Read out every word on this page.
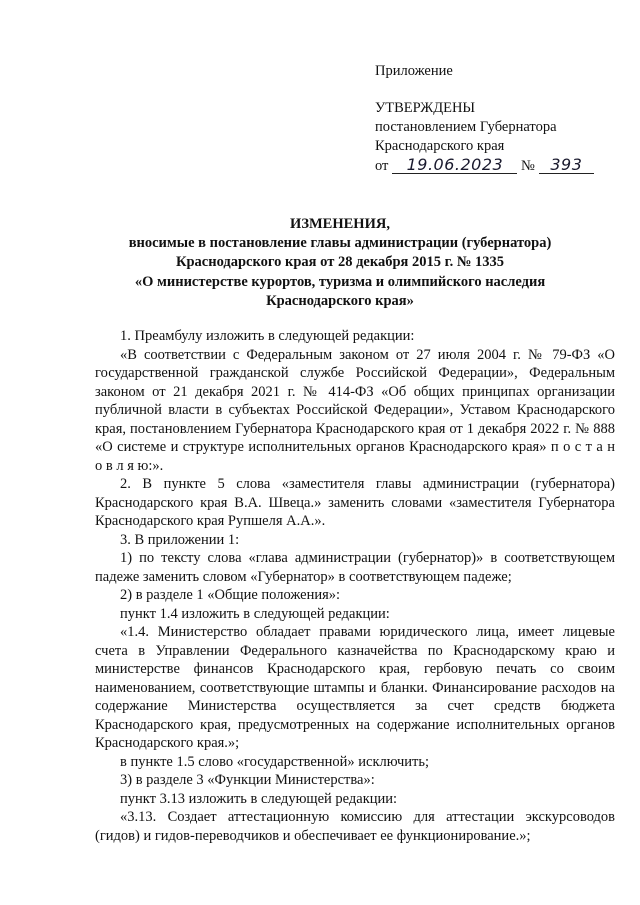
Приложение
УТВЕРЖДЕНЫ
постановлением Губернатора
Краснодарского края
от 19.06.2023 № 393
ИЗМЕНЕНИЯ,
вносимые в постановление главы администрации (губернатора)
Краснодарского края от 28 декабря 2015 г. № 1335
«О министерстве курортов, туризма и олимпийского наследия
Краснодарского края»

1. Преамбулу изложить в следующей редакции:

«В соответствии с Федеральным законом от 27 июля 2004 г. № 79-ФЗ «О государственной гражданской службе Российской Федерации», Федеральным законом от 21 декабря 2021 г. № 414-ФЗ «Об общих принципах организации публичной власти в субъектах Российской Федерации», Уставом Краснодарского края, постановлением Губернатора Краснодарского края от 1 декабря 2022 г. № 888 «О системе и структуре исполнительных органов Краснодарского края» п о с т а н о в л я ю:».

2. В пункте 5 слова «заместителя главы администрации (губернатора) Краснодарского края В.А. Швеца.» заменить словами «заместителя Губернатора Краснодарского края Рупшеля А.А.».

3. В приложении 1:

1) по тексту слова «глава администрации (губернатор)» в соответствующем падеже заменить словом «Губернатор» в соответствующем падеже;

2) в разделе 1 «Общие положения»:

пункт 1.4 изложить в следующей редакции:

«1.4. Министерство обладает правами юридического лица, имеет лицевые счета в Управлении Федерального казначейства по Краснодарскому краю и министерстве финансов Краснодарского края, гербовую печать со своим наименованием, соответствующие штампы и бланки. Финансирование расходов на содержание Министерства осуществляется за счет средств бюджета Краснодарского края, предусмотренных на содержание исполнительных органов Краснодарского края.»;

в пункте 1.5 слово «государственной» исключить;

3) в разделе 3 «Функции Министерства»:

пункт 3.13 изложить в следующей редакции:

«3.13. Создает аттестационную комиссию для аттестации экскурсоводов (гидов) и гидов-переводчиков и обеспечивает ее функционирование.»;
